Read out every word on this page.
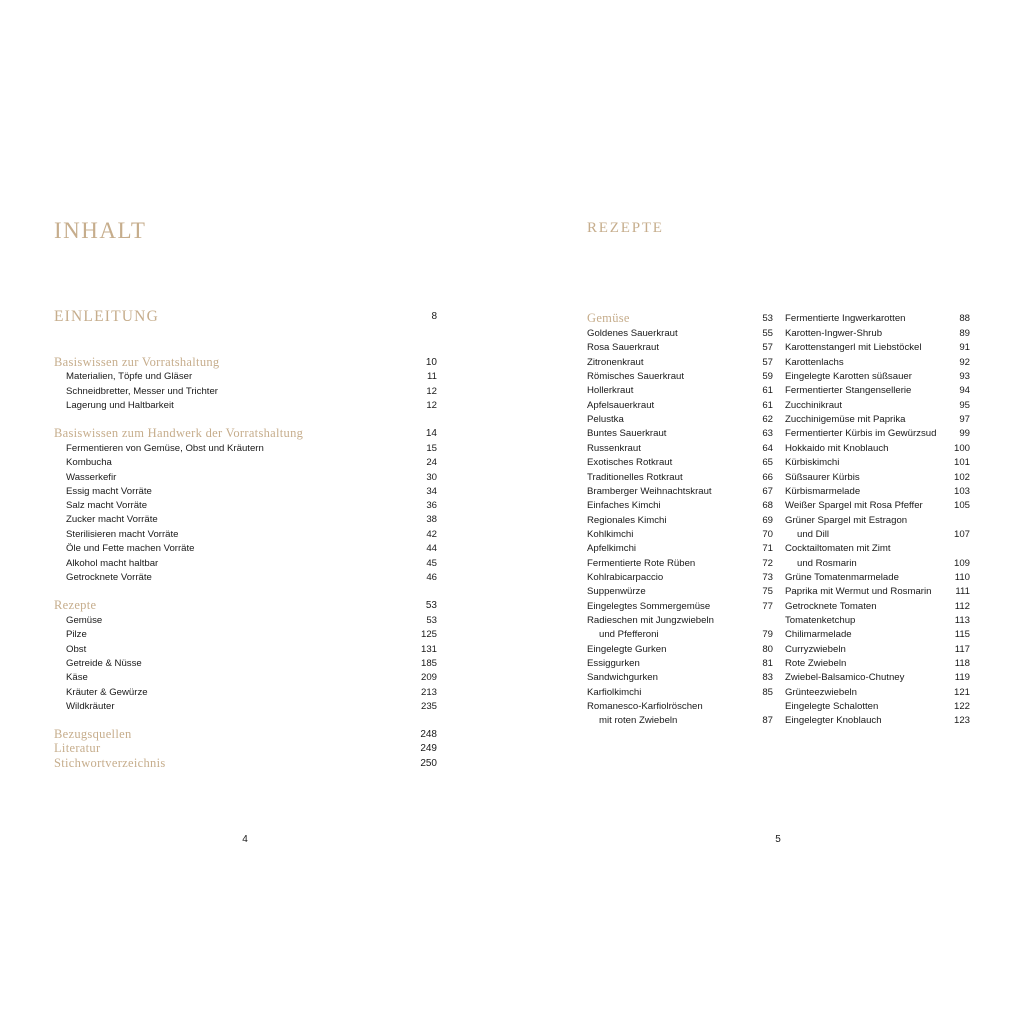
INHALT
EINLEITUNG	8
Basiswissen zur Vorratshaltung	10
Materialien, Töpfe und Gläser	11
Schneidbretter, Messer und Trichter	12
Lagerung und Haltbarkeit	12
Basiswissen zum Handwerk der Vorratshaltung	14
Fermentieren von Gemüse, Obst und Kräutern	15
Kombucha	24
Wasserkefir	30
Essig macht Vorräte	34
Salz macht Vorräte	36
Zucker macht Vorräte	38
Sterilisieren macht Vorräte	42
Öle und Fette machen Vorräte	44
Alkohol macht haltbar	45
Getrocknete Vorräte	46
Rezepte	53
Gemüse	53
Pilze	125
Obst	131
Getreide & Nüsse	185
Käse	209
Kräuter & Gewürze	213
Wildkräuter	235
Bezugsquellen	248
Literatur	249
Stichwortverzeichnis	250
4
REZEPTE
Gemüse	53
Goldenes Sauerkraut	55
Rosa Sauerkraut	57
Zitronenkraut	57
Römisches Sauerkraut	59
Hollerkraut	61
Apfelsauerkraut	61
Pelustka	62
Buntes Sauerkraut	63
Russenkraut	64
Exotisches Rotkraut	65
Traditionelles Rotkraut	66
Bramberger Weihnachtskraut	67
Einfaches Kimchi	68
Regionales Kimchi	69
Kohlkimchi	70
Apfelkimchi	71
Fermentierte Rote Rüben	72
Kohlrabicarpaccio	73
Suppenwürze	75
Eingelegtes Sommergemüse	77
Radieschen mit Jungzwiebeln
und Pfefferoni	79
Eingelegte Gurken	80
Essiggurken	81
Sandwichgurken	83
Karfiolkimchi	85
Romanesco-Karfiolröschen
mit roten Zwiebeln	87
Fermentierte Ingwerkarotten	88
Karotten-Ingwer-Shrub	89
Karottenstangerl mit Liebstöckel	91
Karottenlachs	92
Eingelegte Karotten süßsauer	93
Fermentierter Stangensellerie	94
Zucchinikraut	95
Zucchinigemüse mit Paprika	97
Fermentierter Kürbis im Gewürzsud 99
Hokkaido mit Knoblauch	100
Kürbiskimchi	101
Süßsaurer Kürbis	102
Kürbismarmelade	103
Weißer Spargel mit Rosa Pfeffer	105
Grüner Spargel mit Estragon
und Dill	107
Cocktailtomaten mit Zimt
und Rosmarin	109
Grüne Tomatenmarmelade	110
Paprika mit Wermut und Rosmarin 111
Getrocknete Tomaten	112
Tomatenketchup	113
Chilimarmelade	115
Curryzwiebeln	117
Rote Zwiebeln	118
Zwiebel-Balsamico-Chutney	119
Grünteezwiebeln	121
Eingelegte Schalotten	122
Eingelegter Knoblauch	123
5
